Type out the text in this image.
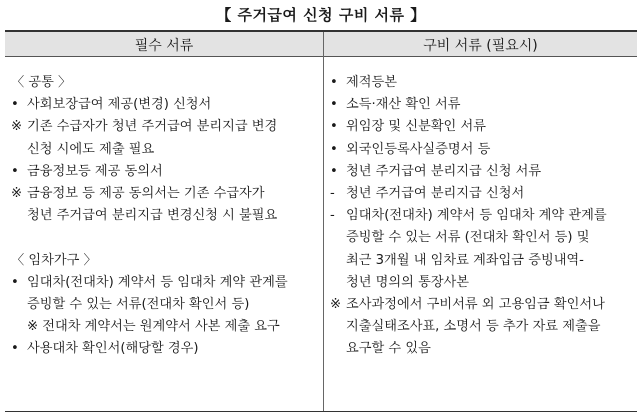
【 주거급여 신청 구비 서류 】
필수 서류	구비 서류 (필요시)
〈 공통 〉
• 사회보장급여 제공(변경) 신청서
※ 기존 수급자가 청년 주거급여 분리지급 변경
신청 시에도 제출 필요
• 금융정보등 제공 동의서
※ 금융정보 등 제공 동의서는 기존 수급자가
청년 주거급여 분리지급 변경신청 시 불필요
〈 임차가구 〉
• 임대차(전대차) 계약서 등 임대차 계약 관계를
증빙할 수 있는 서류(전대차 확인서 등)
※ 전대차 계약서는 원계약서 사본 제출 요구
• 사용대차 확인서(해당할 경우)
• 제적등본
• 소득·재산 확인 서류
• 위임장 및 신분확인 서류
• 외국인등록사실증명서 등
• 청년 주거급여 분리지급 신청 서류
- 청년 주거급여 분리지급 신청서
- 임대차(전대차) 계약서 등 임대차 계약 관계를
증빙할 수 있는 서류 (전대차 확인서 등) 및
최근 3개월 내 임차료 계좌입금 증빙내역-
청년 명의의 통장사본
※ 조사과정에서 구비서류 외 고용임금 확인서나
지출실태조사표, 소명서 등 추가 자료 제출을
요구할 수 있음
